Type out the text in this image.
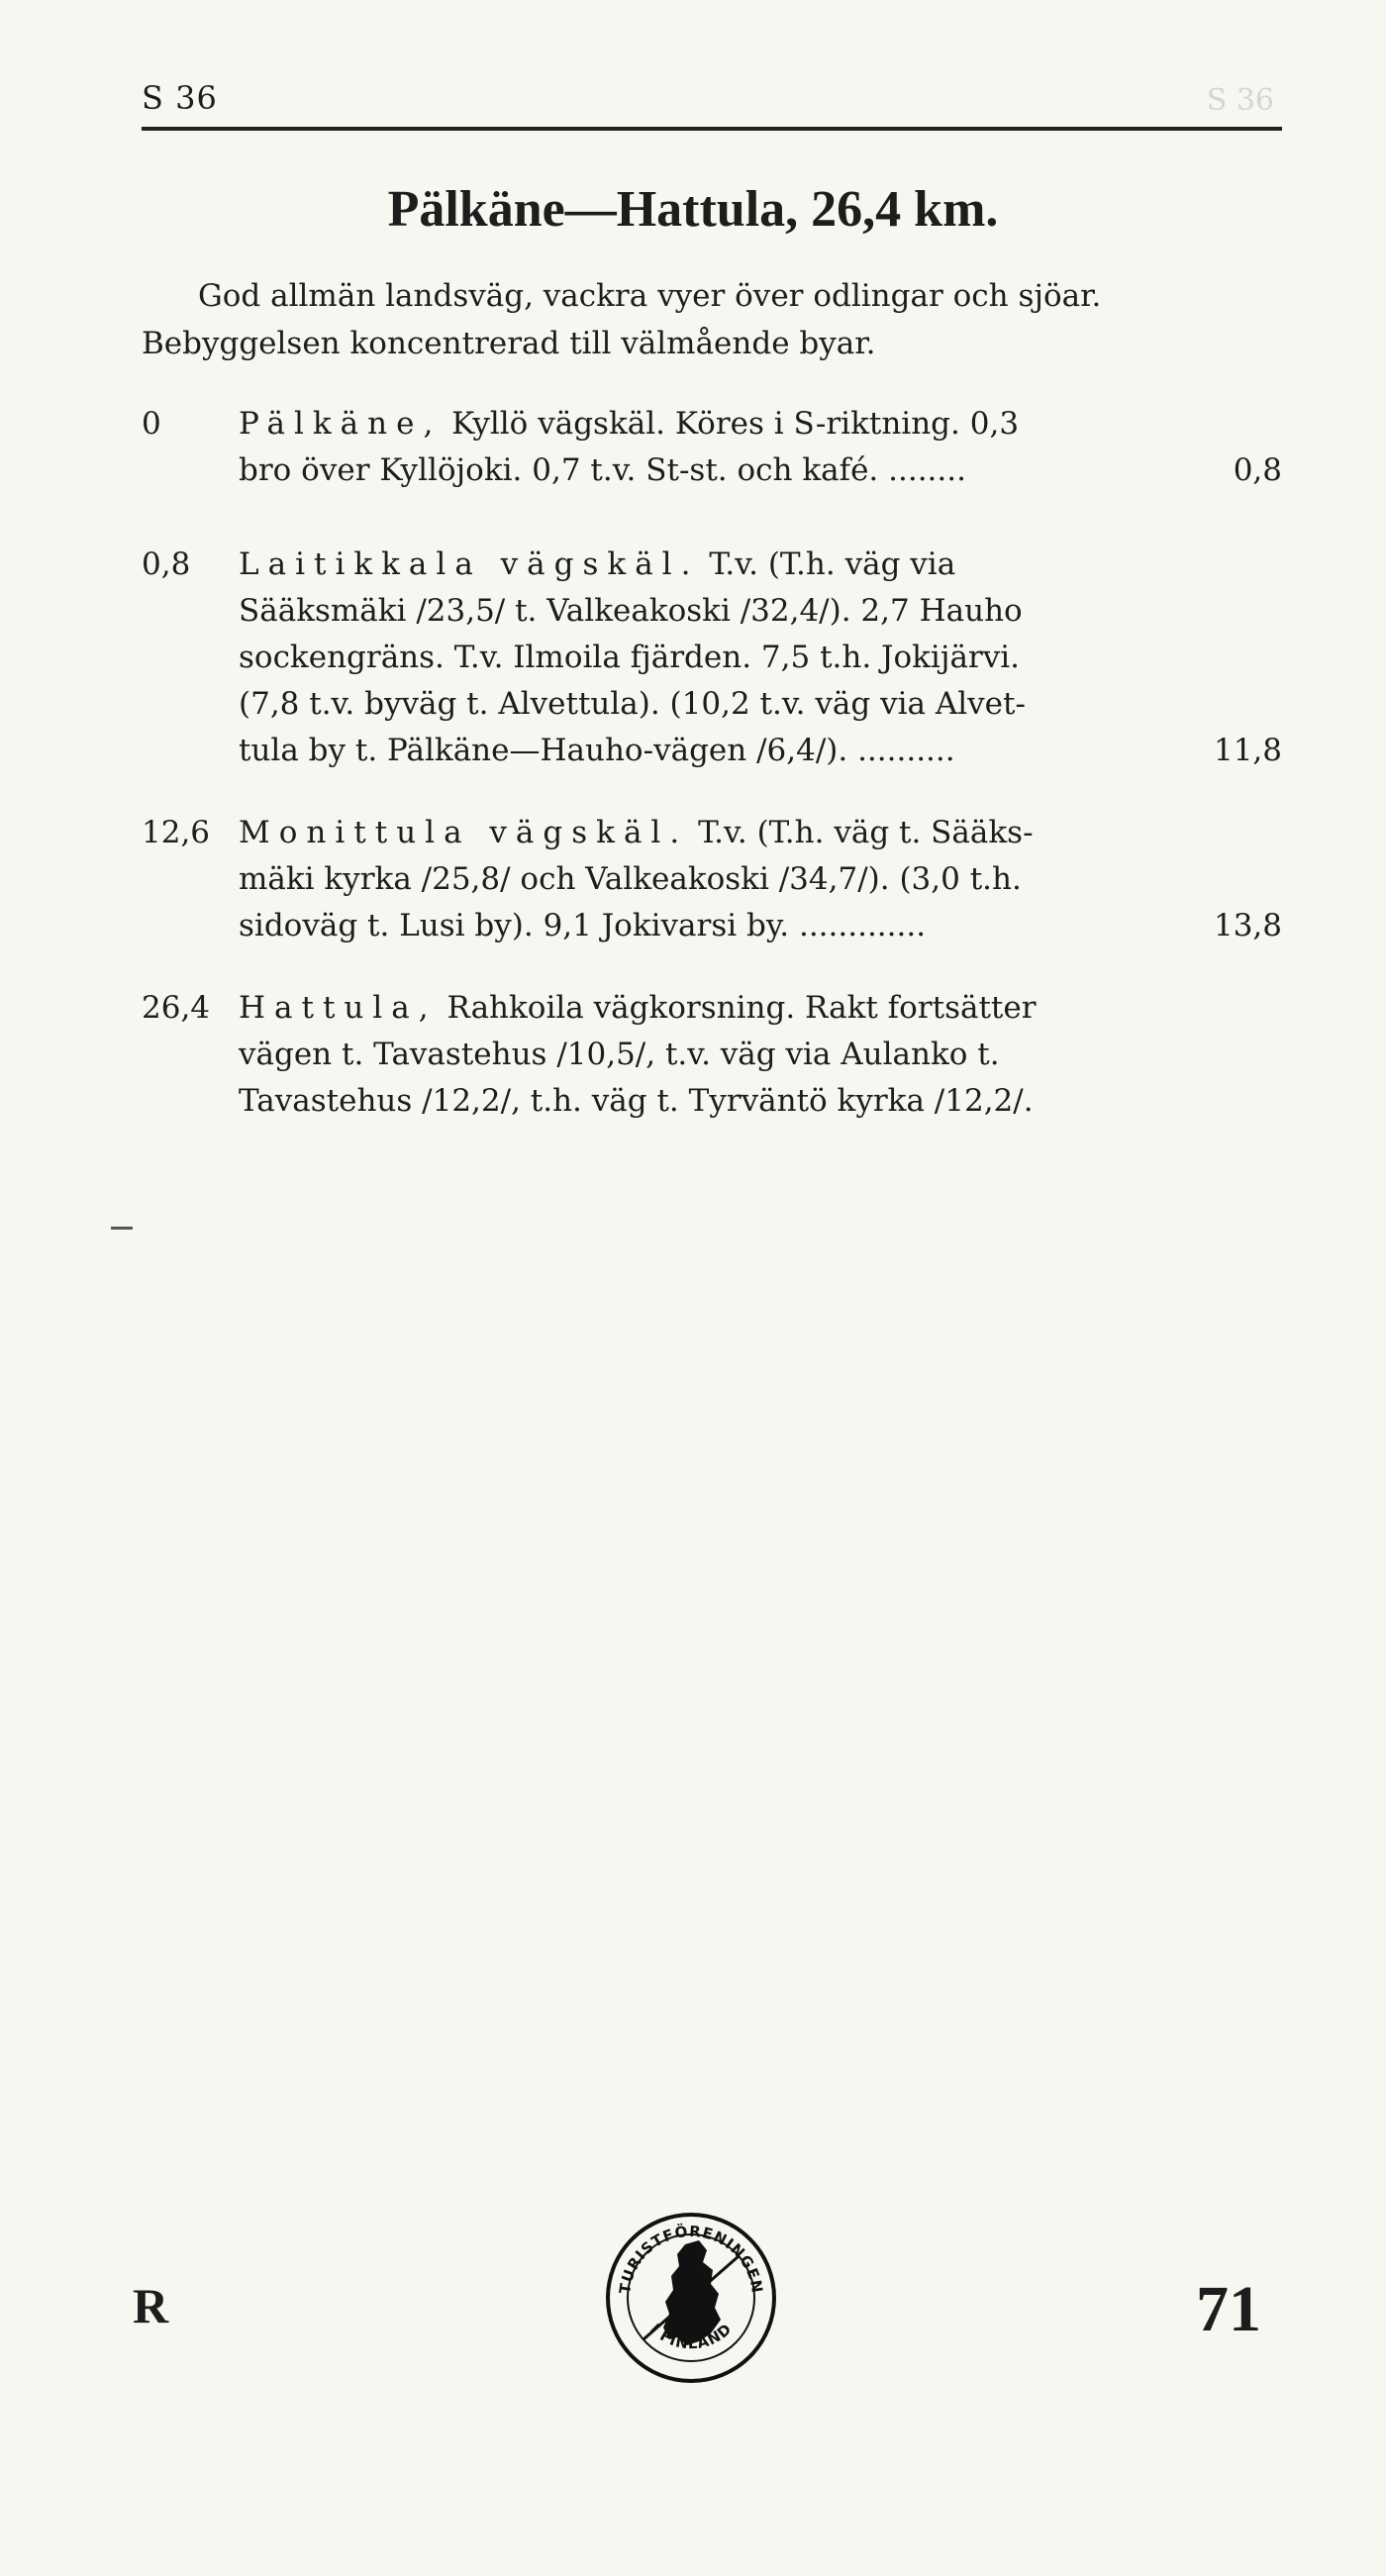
S 36	S 36
Pälkäne—Hattula, 26,4 km.
God allmän landsväg, vackra vyer över odlingar och sjöar.
Bebyggelsen koncentrerad till välmående byar.
0	Pälkäne, Kyllö vägskäl. Köres i S-riktning. 0,3
bro över Kyllöjoki. 0,7 t.v. St-st. och kafé. ........	0,8
0,8	Laitikkala vägskäl. T.v. (T.h. väg via
Sääksmäki /23,5/ t. Valkeakoski /32,4/). 2,7 Hauho
sockengräns. T.v. Ilmoila fjärden. 7,5 t.h. Jokijärvi.
(7,8 t.v. byväg t. Alvettula). (10,2 t.v. väg via Alvet-
tula by t. Pälkäne—Hauho-vägen /6,4/). ..........	11,8
12,6 Monittula vägskäl. T.v. (T.h. väg t. Sääks-
mäki kyrka /25,8/ och Valkeakoski /34,7/). (3,0 t.h.
sidoväg t. Lusi by). 9,1 Jokivarsi by. .............	13,8
26,4 Hattula, Rahkoila vägkorsning. Rakt fortsätter
vägen t. Tavastehus /10,5/, t.v. väg via Aulanko t.
Tavastehus /12,2/, t.h. väg t. Tyrväntö kyrka /12,2/.
R	TURISTFÖRENINGEN
I FINLAND	71
